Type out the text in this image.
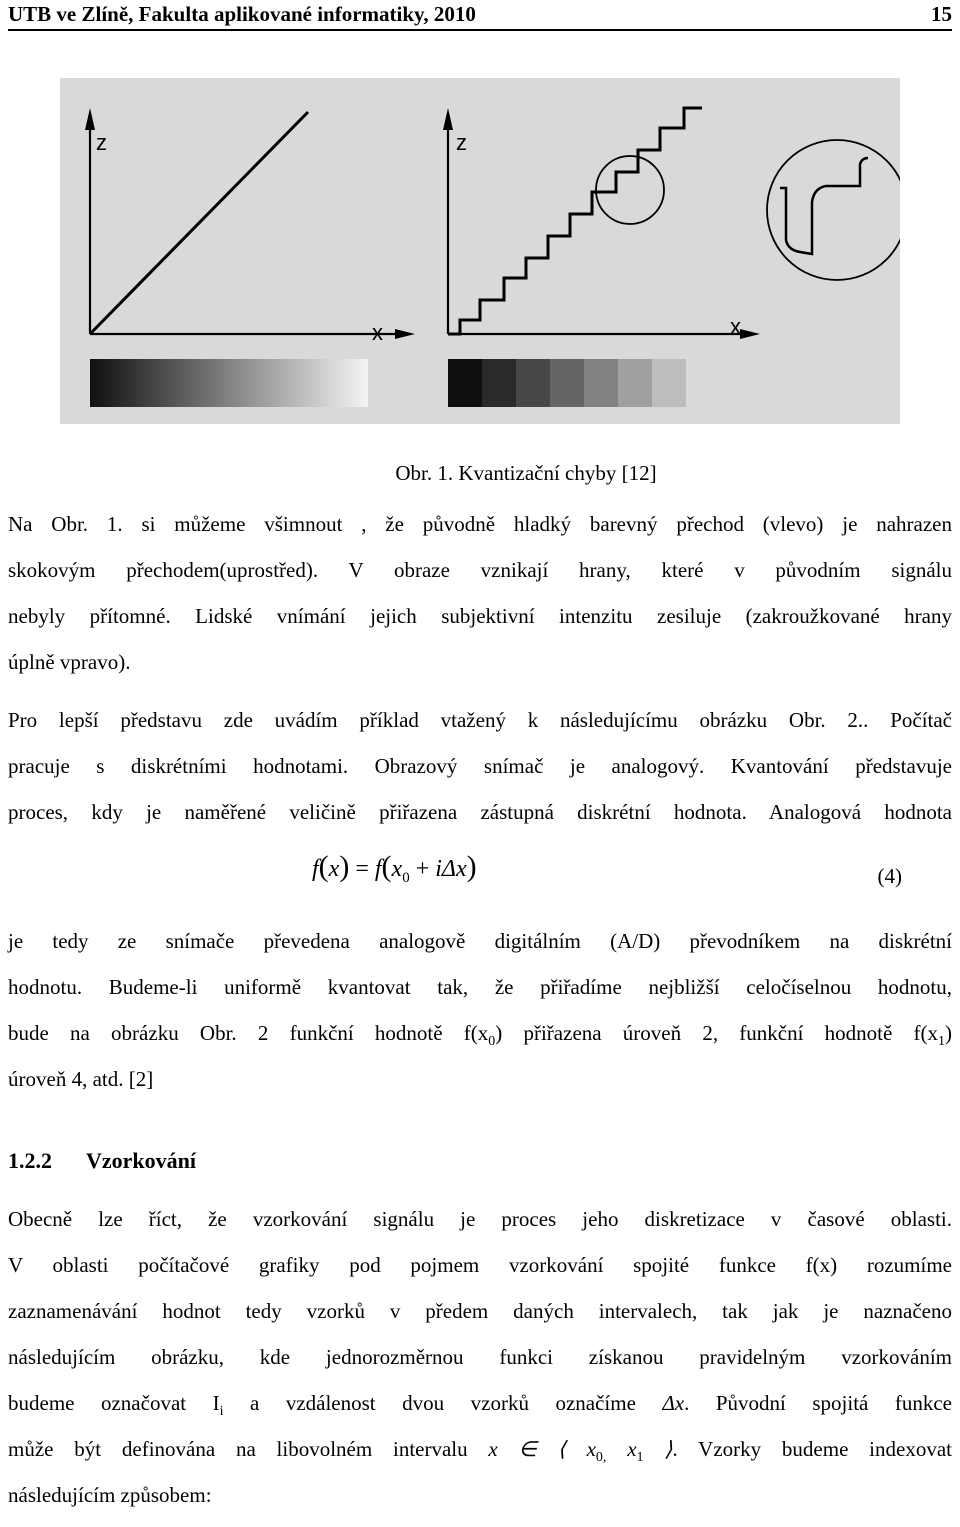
UTB ve Zlíně, Fakulta aplikované informatiky, 2010	15
z
x
z
x
Obr. 1. Kvantizační chyby [12]
Na Obr. 1. si můžeme všimnout , že původně hladký barevný přechod (vlevo) je nahrazen
skokovým přechodem(uprostřed). V obraze vznikají hrany, které v původním signálu
nebyly přítomné. Lidské vnímání jejich subjektivní intenzitu zesiluje (zakroužkované hrany
úplně vpravo).
Pro lepší představu zde uvádím příklad vtažený k následujícímu obrázku Obr. 2.. Počítač
pracuje s diskrétními hodnotami. Obrazový snímač je analogový. Kvantování představuje
proces, kdy je naměřené veličině přiřazena zástupná diskrétní hodnota. Analogová hodnota
$f(x) = f(x_0 + i\Delta x)$	(4)
je tedy ze snímače převedena analogově digitálním (A/D) převodníkem na diskrétní
hodnotu. Budeme-li uniformě kvantovat tak, že přiřadíme nejbližší celočíselnou hodnotu,
bude na obrázku Obr. 2 funkční hodnotě $f(x_0)$ přiřazena úroveň 2, funkční hodnotě $f(x_1)$
úroveň 4, atd. [2]
1.2.2 Vzorkování
Obecně lze říct, že vzorkování signálu je proces jeho diskretizace v časové oblasti.
V oblasti počítačové grafiky pod pojmem vzorkování spojité funkce f(x) rozumíme
zaznamenávání hodnot tedy vzorků v předem daných intervalech, tak jak je naznačeno
následujícím obrázku, kde jednorozměrnou funkci získanou pravidelným vzorkováním
budeme označovat $I_i$ a vzdálenost dvou vzorků označíme Δx. Původní spojitá funkce
může být definována na libovolném intervalu x ∈ ⟨ $x_{0,}$ $x_1$ ⟩. Vzorky budeme indexovat
následujícím způsobem:
